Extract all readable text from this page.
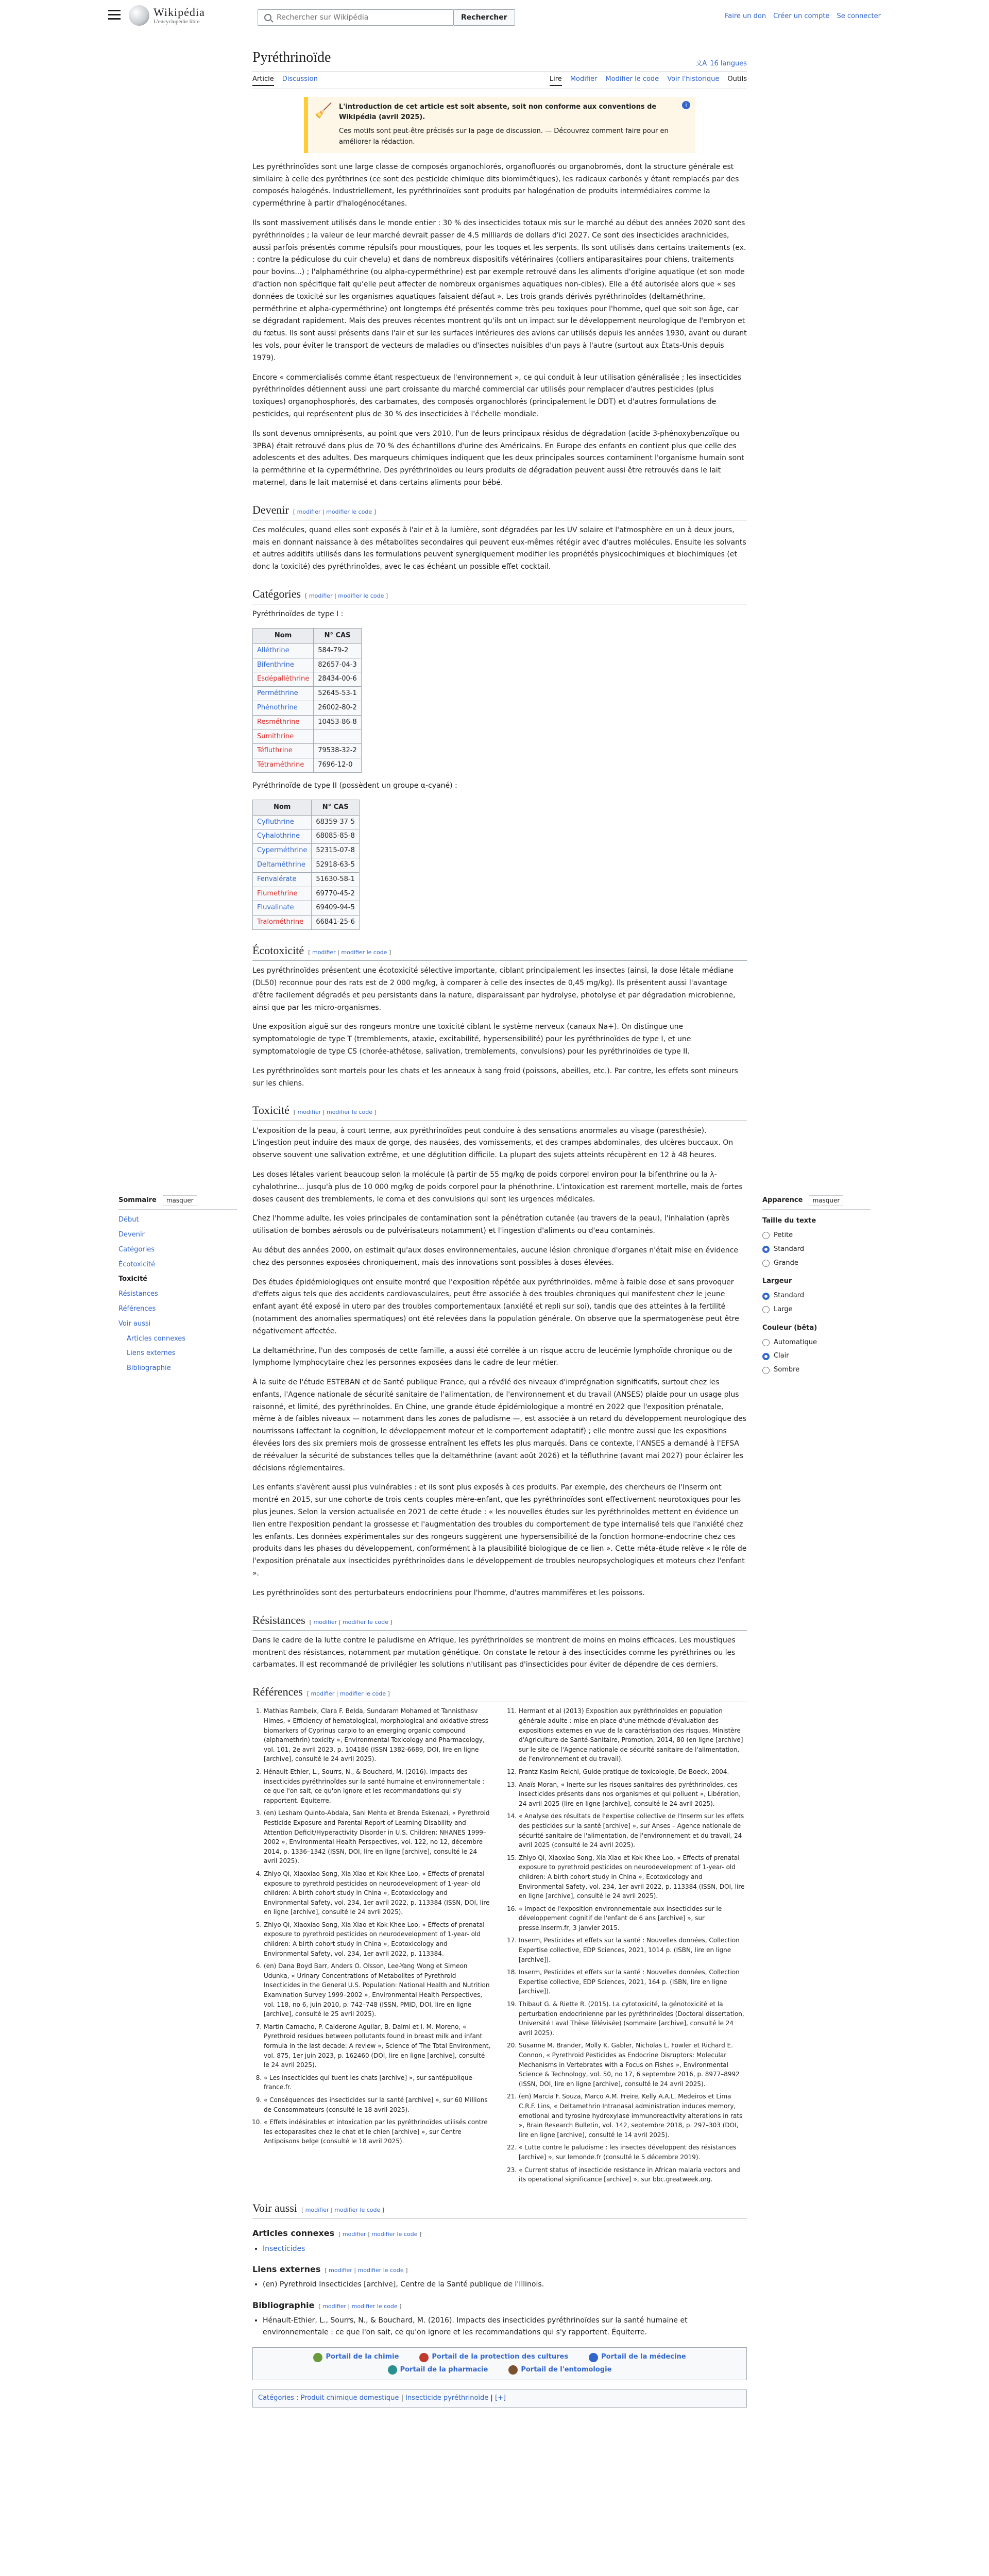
Wikipédia
L'encyclopédie libre
Rechercher sur Wikipédia
Rechercher	Faire un don Créer un compte Se connecter
Sommaire	masquer
Début
Devenir
Catégories
Écotoxicité
Toxicité
Résistances
Références
Voir aussi
Articles connexes
Liens externes
Bibliographie
Apparence	masquer
Taille du texte
Petite
Standard
Grande
Largeur
Standard
Large
Couleur (bêta)
Automatique
Clair
Sombre
Pyréthrinoïde	文A 16 langues
Article Discussion	Lire Modifier Modifier le code Voir l'historique Outils
🧹 L'introduction de cet article est soit absente, soit non conforme aux conventions de Wikipédia (avril 2025).
Ces motifs sont peut-être précisés sur la page de discussion. — Découvrez comment faire pour en améliorer la rédaction.
i

Les pyréthrinoïdes sont une large classe de composés organochlorés, organofluorés ou organobromés, dont la structure générale est similaire à celle des pyréthrines (ce sont des pesticide chimique dits biomimétiques), les radicaux carbonés y étant remplacés par des composés halogénés. Industriellement, les pyréthrinoïdes sont produits par halogénation de produits intermédiaires comme la cyperméthrine à partir d'halogénocétanes.

Ils sont massivement utilisés dans le monde entier : 30 % des insecticides totaux mis sur le marché au début des années 2020 sont des pyréthrinoïdes ; la valeur de leur marché devrait passer de 4,5 milliards de dollars d'ici 2027. Ce sont des insecticides arachnicides, aussi parfois présentés comme répulsifs pour moustiques, pour les toques et les serpents. Ils sont utilisés dans certains traitements (ex. : contre la pédiculose du cuir chevelu) et dans de nombreux dispositifs vétérinaires (colliers antiparasitaires pour chiens, traitements pour bovins...) ; l'alphaméthrine (ou alpha-cyperméthrine) est par exemple retrouvé dans les aliments d'origine aquatique (et son mode d'action non spécifique fait qu'elle peut affecter de nombreux organismes aquatiques non-cibles). Elle a été autorisée alors que « ses données de toxicité sur les organismes aquatiques faisaient défaut ». Les trois grands dérivés pyréthrinoïdes (deltaméthrine, perméthrine et alpha-cyperméthrine) ont longtemps été présentés comme très peu toxiques pour l'homme, quel que soit son âge, car se dégradant rapidement. Mais des preuves récentes montrent qu'ils ont un impact sur le développement neurologique de l'embryon et du fœtus. Ils sont aussi présents dans l'air et sur les surfaces intérieures des avions car utilisés depuis les années 1930, avant ou durant les vols, pour éviter le transport de vecteurs de maladies ou d'insectes nuisibles d'un pays à l'autre (surtout aux États-Unis depuis 1979).

Encore « commercialisés comme étant respectueux de l'environnement », ce qui conduit à leur utilisation généralisée ; les insecticides pyréthrinoïdes détiennent aussi une part croissante du marché commercial car utilisés pour remplacer d'autres pesticides (plus toxiques) organophosphorés, des carbamates, des composés organochlorés (principalement le DDT) et d'autres formulations de pesticides, qui représentent plus de 30 % des insecticides à l'échelle mondiale.

Ils sont devenus omniprésents, au point que vers 2010, l'un de leurs principaux résidus de dégradation (acide 3-phénoxybenzoïque ou 3PBA) était retrouvé dans plus de 70 % des échantillons d'urine des Américains. En Europe des enfants en contient plus que celle des adolescents et des adultes. Des marqueurs chimiques indiquent que les deux principales sources contaminent l'organisme humain sont la perméthrine et la cyperméthrine. Des pyréthrinoïdes ou leurs produits de dégradation peuvent aussi être retrouvés dans le lait maternel, dans le lait maternisé et dans certains aliments pour bébé.

Devenir [ modifier | modifier le code ]

Ces molécules, quand elles sont exposés à l'air et à la lumière, sont dégradées par les UV solaire et l'atmosphère en un à deux jours, mais en donnant naissance à des métabolites secondaires qui peuvent eux-mêmes rétégir avec d'autres molécules. Ensuite les solvants et autres additifs utilisés dans les formulations peuvent synergiquement modifier les propriétés physicochimiques et biochimiques (et donc la toxicité) des pyréthrinoïdes, avec le cas échéant un possible effet cocktail.

Catégories [ modifier | modifier le code ]

Pyréthrinoïdes de type I :

Nom	N° CAS
Alléthrine	584-79-2
Bifenthrine	82657-04-3
Esdépalléthrine	28434-00-6
Perméthrine	52645-53-1
Phénothrine	26002-80-2
Resméthrine	10453-86-8
Sumithrine	
Téfluthrine	79538-32-2
Tétraméthrine	7696-12-0

Pyréthrinoïde de type II (possèdent un groupe α-cyané) :

Nom	N° CAS
Cyfluthrine	68359-37-5
Cyhalothrine	68085-85-8
Cyperméthrine	52315-07-8
Deltaméthrine	52918-63-5
Fenvalérate	51630-58-1
Flumethrine	69770-45-2
Fluvalinate	69409-94-5
Tralométhrine	66841-25-6
Écotoxicité [ modifier | modifier le code ]

Les pyréthrinoïdes présentent une écotoxicité sélective importante, ciblant principalement les insectes (ainsi, la dose létale médiane (DL50) reconnue pour des rats est de 2 000 mg/kg, à comparer à celle des insectes de 0,45 mg/kg). Ils présentent aussi l'avantage d'être facilement dégradés et peu persistants dans la nature, disparaissant par hydrolyse, photolyse et par dégradation microbienne, ainsi que par les micro-organismes.

Une exposition aiguë sur des rongeurs montre une toxicité ciblant le système nerveux (canaux Na+). On distingue une symptomatologie de type T (tremblements, ataxie, excitabilité, hypersensibilité) pour les pyréthrinoïdes de type I, et une symptomatologie de type CS (chorée-athétose, salivation, tremblements, convulsions) pour les pyréthrinoïdes de type II.

Les pyréthrinoïdes sont mortels pour les chats et les anneaux à sang froid (poissons, abeilles, etc.). Par contre, les effets sont mineurs sur les chiens.

Toxicité [ modifier | modifier le code ]

L'exposition de la peau, à court terme, aux pyréthrinoïdes peut conduire à des sensations anormales au visage (paresthésie). L'ingestion peut induire des maux de gorge, des nausées, des vomissements, et des crampes abdominales, des ulcères buccaux. On observe souvent une salivation extrême, et une déglutition difficile. La plupart des sujets atteints récupèrent en 12 à 48 heures.

Les doses létales varient beaucoup selon la molécule (à partir de 55 mg/kg de poids corporel environ pour la bifenthrine ou la λ-cyhalothrine... jusqu'à plus de 10 000 mg/kg de poids corporel pour la phénothrine. L'intoxication est rarement mortelle, mais de fortes doses causent des tremblements, le coma et des convulsions qui sont les urgences médicales.

Chez l'homme adulte, les voies principales de contamination sont la pénétration cutanée (au travers de la peau), l'inhalation (après utilisation de bombes aérosols ou de pulvérisateurs notamment) et l'ingestion d'aliments ou d'eau contaminés.

Au début des années 2000, on estimait qu'aux doses environnementales, aucune lésion chronique d'organes n'était mise en évidence chez des personnes exposées chroniquement, mais des innovations sont possibles à doses élevées.

Des études épidémiologiques ont ensuite montré que l'exposition répétée aux pyréthrinoïdes, même à faible dose et sans provoquer d'effets aigus tels que des accidents cardiovasculaires, peut être associée à des troubles chroniques qui manifestent chez le jeune enfant ayant été exposé in utero par des troubles comportementaux (anxiété et repli sur soi), tandis que des atteintes à la fertilité (notamment des anomalies spermatiques) ont été relevées dans la population générale. On observe que la spermatogenèse peut être négativement affectée.

La deltaméthrine, l'un des composés de cette famille, a aussi été corrélée à un risque accru de leucémie lymphoïde chronique ou de lymphome lymphocytaire chez les personnes exposées dans le cadre de leur métier.

À la suite de l'étude ESTEBAN et de Santé publique France, qui a révélé des niveaux d'imprégnation significatifs, surtout chez les enfants, l'Agence nationale de sécurité sanitaire de l'alimentation, de l'environnement et du travail (ANSES) plaide pour un usage plus raisonné, et limité, des pyréthrinoïdes. En Chine, une grande étude épidémiologique a montré en 2022 que l'exposition prénatale, même à de faibles niveaux — notamment dans les zones de paludisme —, est associée à un retard du développement neurologique des nourrissons (affectant la cognition, le développement moteur et le comportement adaptatif) ; elle montre aussi que les expositions élevées lors des six premiers mois de grossesse entraînent les effets les plus marqués. Dans ce contexte, l'ANSES a demandé à l'EFSA de réévaluer la sécurité de substances telles que la deltaméthrine (avant août 2026) et la téfluthrine (avant mai 2027) pour éclairer les décisions réglementaires.

Les enfants s'avèrent aussi plus vulnérables : et ils sont plus exposés à ces produits. Par exemple, des chercheurs de l'Inserm ont montré en 2015, sur une cohorte de trois cents couples mère-enfant, que les pyréthrinoïdes sont effectivement neurotoxiques pour les plus jeunes. Selon la version actualisée en 2021 de cette étude : « les nouvelles études sur les pyréthrinoïdes mettent en évidence un lien entre l'exposition pendant la grossesse et l'augmentation des troubles du comportement de type internalisé tels que l'anxiété chez les enfants. Les données expérimentales sur des rongeurs suggèrent une hypersensibilité de la fonction hormone-endocrine chez ces produits dans les phases du développement, conformément à la plausibilité biologique de ce lien ». Cette méta-étude relève « le rôle de l'exposition prénatale aux insecticides pyréthrinoïdes dans le développement de troubles neuropsychologiques et moteurs chez l'enfant ».

Les pyréthrinoïdes sont des perturbateurs endocriniens pour l'homme, d'autres mammifères et les poissons.

Résistances [ modifier | modifier le code ]

Dans le cadre de la lutte contre le paludisme en Afrique, les pyréthrinoïdes se montrent de moins en moins efficaces. Les moustiques montrent des résistances, notamment par mutation génétique. On constate le retour à des insecticides comme les pyréthrines ou les carbamates. Il est recommandé de privilégier les solutions n'utilisant pas d'insecticides pour éviter de dépendre de ces derniers.

Références [ modifier | modifier le code ]
1. Mathias Rambeix, Clara F. Belda, Sundaram Mohamed et Tannisthasv Himes, « Efficiency of hematological, morphological and oxidative stress biomarkers of Cyprinus carpio to an emerging organic compound (alphamethrin) toxicity », Environmental Toxicology and Pharmacology, vol. 101, 2e avril 2023, p. 104186 (ISSN 1382-6689, DOI, lire en ligne [archive], consulté le 24 avril 2025).
2. Hénault-Ethier, L., Sourrs, N., & Bouchard, M. (2016). Impacts des insecticides pyréthrinoïdes sur la santé humaine et environnementale : ce que l'on sait, ce qu'on ignore et les recommandations qui s'y rapportent. Équiterre.
3. (en) Lesham Quinto-Abdala, Sani Mehta et Brenda Eskenazi, « Pyrethroid Pesticide Exposure and Parental Report of Learning Disability and Attention Deficit/Hyperactivity Disorder in U.S. Children: NHANES 1999–2002 », Environmental Health Perspectives, vol. 122, no 12, décembre 2014, p. 1336–1342 (ISSN, DOI, lire en ligne [archive], consulté le 24 avril 2025).
4. Zhiyo Qi, Xiaoxiao Song, Xia Xiao et Kok Khee Loo, « Effects of prenatal exposure to pyrethroid pesticides on neurodevelopment of 1-year- old children: A birth cohort study in China », Ecotoxicology and Environmental Safety, vol. 234, 1er avril 2022, p. 113384 (ISSN, DOI, lire en ligne [archive], consulté le 24 avril 2025).
5. Zhiyo Qi, Xiaoxiao Song, Xia Xiao et Kok Khee Loo, « Effects of prenatal exposure to pyrethroid pesticides on neurodevelopment of 1-year- old children: A birth cohort study in China », Ecotoxicology and Environmental Safety, vol. 234, 1er avril 2022, p. 113384.
6. (en) Dana Boyd Barr, Anders O. Olsson, Lee-Yang Wong et Simeon Udunka, « Urinary Concentrations of Metabolites of Pyrethroid Insecticides in the General U.S. Population: National Health and Nutrition Examination Survey 1999–2002 », Environmental Health Perspectives, vol. 118, no 6, juin 2010, p. 742–748 (ISSN, PMID, DOI, lire en ligne [archive], consulté le 25 avril 2025).
7. Martin Camacho, P. Calderone Aguilar, B. Dalmi et I. M. Moreno, « Pyrethroid residues between pollutants found in breast milk and infant formula in the last decade: A review », Science of The Total Environment, vol. 875, 1er juin 2023, p. 162460 (DOI, lire en ligne [archive], consulté le 24 avril 2025).
8. « Les insecticides qui tuent les chats [archive] », sur santépublique-france.fr.
9. « Conséquences des insecticides sur la santé [archive] », sur 60 Millions de Consommateurs (consulté le 18 avril 2025).
10. « Effets indésirables et intoxication par les pyréthrinoïdes utilisés contre les ectoparasites chez le chat et le chien [archive] », sur Centre Antipoisons belge (consulté le 18 avril 2025).
11. Hermant et al (2013) Exposition aux pyréthrinoïdes en population générale adulte : mise en place d'une méthode d'évaluation des expositions externes en vue de la caractérisation des risques. Ministère d'Agriculture de Santé-Sanitaire, Promotion, 2014, 80 (en ligne [archive] sur le site de l'Agence nationale de sécurité sanitaire de l'alimentation, de l'environnement et du travail).
12. Frantz Kasim Reichl, Guide pratique de toxicologie, De Boeck, 2004.
13. Anaïs Moran, « Inerte sur les risques sanitaires des pyréthrinoïdes, ces insecticides présents dans nos organismes et qui polluent », Libération, 24 avril 2025 (lire en ligne [archive], consulté le 24 avril 2025).
14. « Analyse des résultats de l'expertise collective de l'Inserm sur les effets des pesticides sur la santé [archive] », sur Anses – Agence nationale de sécurité sanitaire de l'alimentation, de l'environnement et du travail, 24 avril 2025 (consulté le 24 avril 2025).
15. Zhiyo Qi, Xiaoxiao Song, Xia Xiao et Kok Khee Loo, « Effects of prenatal exposure to pyrethroid pesticides on neurodevelopment of 1-year- old children: A birth cohort study in China », Ecotoxicology and Environmental Safety, vol. 234, 1er avril 2022, p. 113384 (ISSN, DOI, lire en ligne [archive], consulté le 24 avril 2025).
16. « Impact de l'exposition environnementale aux insecticides sur le développement cognitif de l'enfant de 6 ans [archive] », sur presse.inserm.fr, 3 janvier 2015.
17. Inserm, Pesticides et effets sur la santé : Nouvelles données, Collection Expertise collective, EDP Sciences, 2021, 1014 p. (ISBN, lire en ligne [archive]).
18. Inserm, Pesticides et effets sur la santé : Nouvelles données, Collection Expertise collective, EDP Sciences, 2021, 164 p. (ISBN, lire en ligne [archive]).
19. Thibaut G. & Riette R. (2015). La cytotoxicité, la génotoxicité et la perturbation endocrinienne par les pyréthrinoïdes (Doctoral dissertation, Université Laval Thèse Télévisée) (sommaire [archive], consulté le 24 avril 2025).
20. Susanne M. Brander, Molly K. Gabler, Nicholas L. Fowler et Richard E. Connon, « Pyrethroid Pesticides as Endocrine Disruptors: Molecular Mechanisms in Vertebrates with a Focus on Fishes », Environmental Science & Technology, vol. 50, no 17, 6 septembre 2016, p. 8977–8992 (ISSN, DOI, lire en ligne [archive], consulté le 24 avril 2025).
21. (en) Marcia F. Souza, Marco A.M. Freire, Kelly A.A.L. Medeiros et Lima C.R.F. Lins, « Deltamethrin Intranasal administration induces memory, emotional and tyrosine hydroxylase immunoreactivity alterations in rats », Brain Research Bulletin, vol. 142, septembre 2018, p. 297–303 (DOI, lire en ligne [archive], consulté le 14 avril 2025).
22. « Lutte contre le paludisme : les insectes développent des résistances [archive] », sur lemonde.fr (consulté le 5 décembre 2019).
23. « Current status of insecticide resistance in African malaria vectors and its operational significance [archive] », sur bbc.greatweek.org.
Voir aussi [ modifier | modifier le code ]
Articles connexes [ modifier | modifier le code ]
• Insecticides
Liens externes [ modifier | modifier le code ]
• (en) Pyrethroid Insecticides [archive], Centre de la Santé publique de l'Illinois.
Bibliographie [ modifier | modifier le code ]
• Hénault-Ethier, L., Sourrs, N., & Bouchard, M. (2016). Impacts des insecticides pyréthrinoïdes sur la santé humaine et environnementale : ce que l'on sait, ce qu'on ignore et les recommandations qui s'y rapportent. Équiterre.
Portail de la chimie	Portail de la protection des cultures	Portail de la médecine
Portail de la pharmacie	Portail de l'entomologie
Catégories : Produit chimique domestique | Insecticide pyréthrinoïde | [+]
